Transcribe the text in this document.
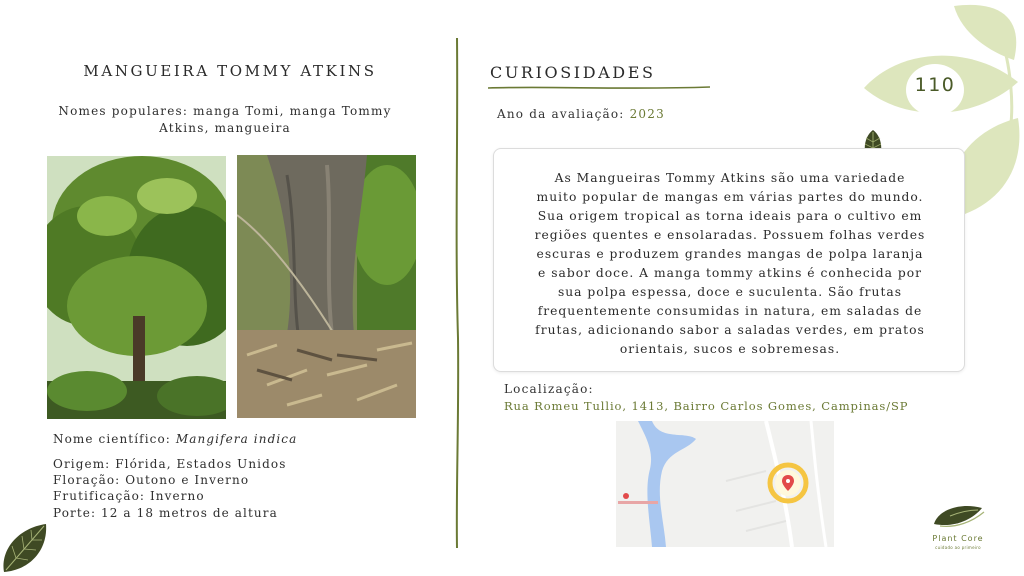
110
MANGUEIRA TOMMY ATKINS
Nomes populares: manga Tomi, manga Tommy
Atkins, mangueira
Nome científico: Mangifera indica
Origem: Flórida, Estados Unidos
Floração: Outono e Inverno
Frutificação: Inverno
Porte: 12 a 18 metros de altura
CURIOSIDADES
Ano da avaliação: 2023
As Mangueiras Tommy Atkins são uma variedade
muito popular de mangas em várias partes do mundo.
Sua origem tropical as torna ideais para o cultivo em
regiões quentes e ensolaradas. Possuem folhas verdes
escuras e produzem grandes mangas de polpa laranja
e sabor doce. A manga tommy atkins é conhecida por
sua polpa espessa, doce e suculenta. São frutas
frequentemente consumidas in natura, em saladas de
frutas, adicionando sabor a saladas verdes, em pratos
orientais, sucos e sobremesas.
Localização:
Rua Romeu Tullio, 1413, Bairro Carlos Gomes, Campinas/SP
Plant Core
cuidado ao primeiro
